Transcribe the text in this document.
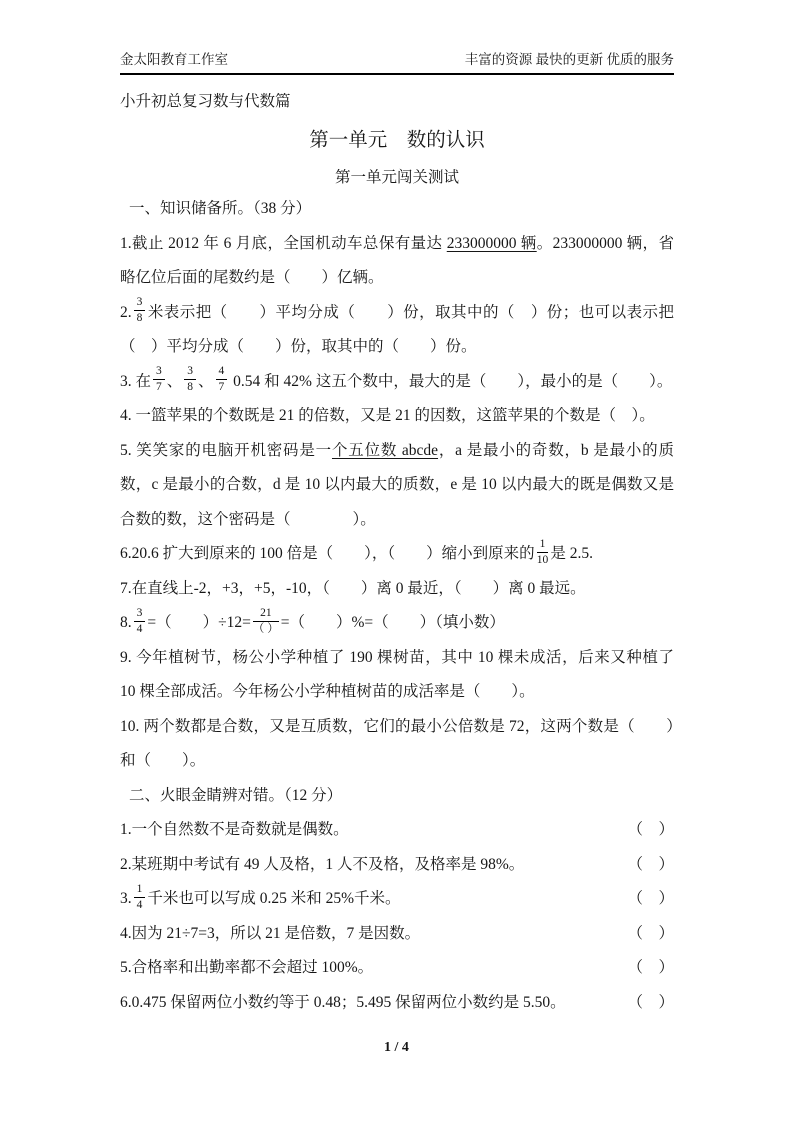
金太阳教育工作室	丰富的资源 最快的更新 优质的服务

小升初总复习数与代数篇

第一单元　数的认识
第一单元闯关测试

一、知识储备所。（38 分）

1.截止 2012 年 6 月底，全国机动车总保有量达 233000000 辆。233000000 辆，省略亿位后面的尾数约是（　　）亿辆。

2. $\frac{3}{8}$ 米表示把（　　）平均分成（　　）份，取其中的（　）份；也可以表示把（　）平均分成（　　）份，取其中的（　　）份。

3. 在 $\frac{3}{7}$ 、 $\frac{3}{8}$ 、 $\frac{4}{7} 0.54$ 和 42% 这五个数中，最大的是（　　），最小的是（　　）。

4. 一篮苹果的个数既是 21 的倍数，又是 21 的因数，这篮苹果的个数是（　）。

5. 笑笑家的电脑开机密码是一个五位数 abcde，a 是最小的奇数，b 是最小的质数，c 是最小的合数，d 是 10 以内最大的质数，e 是 10 以内最大的既是偶数又是合数的数，这个密码是（　　　　）。

6.20.6 扩大到原来的 100 倍是（　　），（　　）缩小到原来的 $\frac{1}{10}$ 是 2.5.

7.在直线上-2，+3，+5，-10，（　　）离 0 最近，（　　）离 0 最远。

8. $\frac{3}{4}$ =（　　）$\div 12= \frac{21}{( )}$ =（　　）%=（　　）（填小数）

9. 今年植树节，杨公小学种植了 190 棵树苗，其中 10 棵未成活，后来又种植了 10 棵全部成活。今年杨公小学种植树苗的成活率是（　　）。

10. 两个数都是合数，又是互质数，它们的最小公倍数是 72，这两个数是（　　）和（　　）。

二、火眼金睛辨对错。（12 分）

1.一个自然数不是奇数就是偶数。	（　）
2.某班期中考试有 49 人及格，1 人不及格，及格率是 98%。	（　）
3. $\frac{1}{4}$ 千米也可以写成 0.25 米和 25%千米。	（　）
4.因为 21÷7=3，所以 21 是倍数，7 是因数。	（　）
5.合格率和出勤率都不会超过 100%。	（　）
6.0.475 保留两位小数约等于 0.48；5.495 保留两位小数约是 5.50。	（　）
1 / 4
